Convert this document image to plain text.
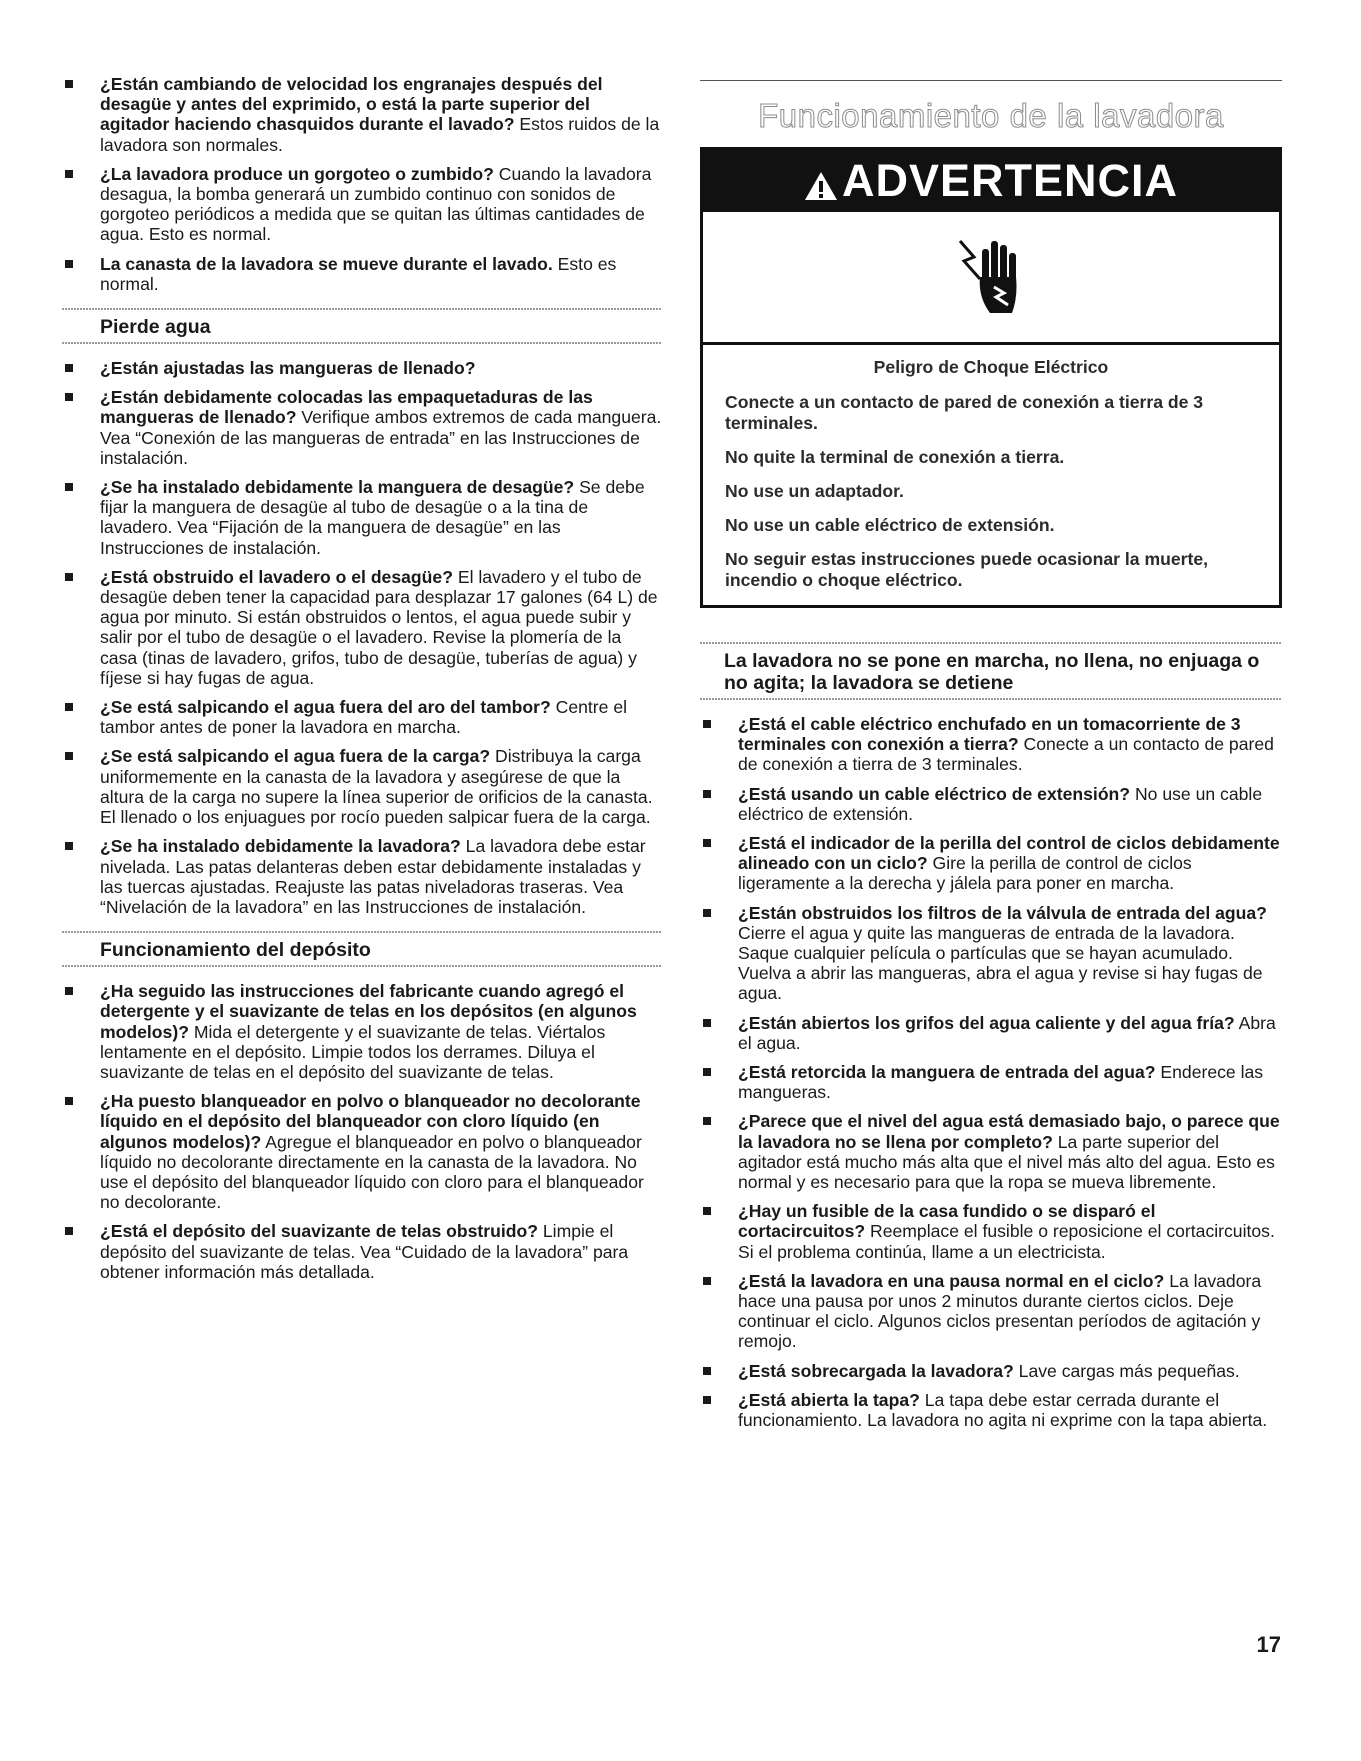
¿Están cambiando de velocidad los engranajes después del desagüe y antes del exprimido, o está la parte superior del agitador haciendo chasquidos durante el lavado? Estos ruidos de la lavadora son normales.
¿La lavadora produce un gorgoteo o zumbido? Cuando la lavadora desagua, la bomba generará un zumbido continuo con sonidos de gorgoteo periódicos a medida que se quitan las últimas cantidades de agua. Esto es normal.
La canasta de la lavadora se mueve durante el lavado. Esto es normal.
Pierde agua
¿Están ajustadas las mangueras de llenado?
¿Están debidamente colocadas las empaquetaduras de las mangueras de llenado? Verifique ambos extremos de cada manguera. Vea “Conexión de las mangueras de entrada” en las Instrucciones de instalación.
¿Se ha instalado debidamente la manguera de desagüe? Se debe fijar la manguera de desagüe al tubo de desagüe o a la tina de lavadero. Vea “Fijación de la manguera de desagüe” en las Instrucciones de instalación.
¿Está obstruido el lavadero o el desagüe? El lavadero y el tubo de desagüe deben tener la capacidad para desplazar 17 galones (64 L) de agua por minuto. Si están obstruidos o lentos, el agua puede subir y salir por el tubo de desagüe o el lavadero. Revise la plomería de la casa (tinas de lavadero, grifos, tubo de desagüe, tuberías de agua) y fíjese si hay fugas de agua.
¿Se está salpicando el agua fuera del aro del tambor? Centre el tambor antes de poner la lavadora en marcha.
¿Se está salpicando el agua fuera de la carga? Distribuya la carga uniformemente en la canasta de la lavadora y asegúrese de que la altura de la carga no supere la línea superior de orificios de la canasta. El llenado o los enjuagues por rocío pueden salpicar fuera de la carga.
¿Se ha instalado debidamente la lavadora? La lavadora debe estar nivelada. Las patas delanteras deben estar debidamente instaladas y las tuercas ajustadas. Reajuste las patas niveladoras traseras. Vea “Nivelación de la lavadora” en las Instrucciones de instalación.
Funcionamiento del depósito
¿Ha seguido las instrucciones del fabricante cuando agregó el detergente y el suavizante de telas en los depósitos (en algunos modelos)? Mida el detergente y el suavizante de telas. Viértalos lentamente en el depósito. Limpie todos los derrames. Diluya el suavizante de telas en el depósito del suavizante de telas.
¿Ha puesto blanqueador en polvo o blanqueador no decolorante líquido en el depósito del blanqueador con cloro líquido (en algunos modelos)? Agregue el blanqueador en polvo o blanqueador líquido no decolorante directamente en la canasta de la lavadora. No use el depósito del blanqueador líquido con cloro para el blanqueador no decolorante.
¿Está el depósito del suavizante de telas obstruido? Limpie el depósito del suavizante de telas. Vea “Cuidado de la lavadora” para obtener información más detallada.
Funcionamiento de la lavadora
ADVERTENCIA

Peligro de Choque Eléctrico

Conecte a un contacto de pared de conexión a tierra de 3 terminales.

No quite la terminal de conexión a tierra.

No use un adaptador.

No use un cable eléctrico de extensión.

No seguir estas instrucciones puede ocasionar la muerte, incendio o choque eléctrico.

La lavadora no se pone en marcha, no llena, no enjuaga o no agita; la lavadora se detiene
¿Está el cable eléctrico enchufado en un tomacorriente de 3 terminales con conexión a tierra? Conecte a un contacto de pared de conexión a tierra de 3 terminales.
¿Está usando un cable eléctrico de extensión? No use un cable eléctrico de extensión.
¿Está el indicador de la perilla del control de ciclos debidamente alineado con un ciclo? Gire la perilla de control de ciclos ligeramente a la derecha y jálela para poner en marcha.
¿Están obstruidos los filtros de la válvula de entrada del agua? Cierre el agua y quite las mangueras de entrada de la lavadora. Saque cualquier película o partículas que se hayan acumulado. Vuelva a abrir las mangueras, abra el agua y revise si hay fugas de agua.
¿Están abiertos los grifos del agua caliente y del agua fría? Abra el agua.
¿Está retorcida la manguera de entrada del agua? Enderece las mangueras.
¿Parece que el nivel del agua está demasiado bajo, o parece que la lavadora no se llena por completo? La parte superior del agitador está mucho más alta que el nivel más alto del agua. Esto es normal y es necesario para que la ropa se mueva libremente.
¿Hay un fusible de la casa fundido o se disparó el cortacircuitos? Reemplace el fusible o reposicione el cortacircuitos. Si el problema continúa, llame a un electricista.
¿Está la lavadora en una pausa normal en el ciclo? La lavadora hace una pausa por unos 2 minutos durante ciertos ciclos. Deje continuar el ciclo. Algunos ciclos presentan períodos de agitación y remojo.
¿Está sobrecargada la lavadora? Lave cargas más pequeñas.
¿Está abierta la tapa? La tapa debe estar cerrada durante el funcionamiento. La lavadora no agita ni exprime con la tapa abierta.
17
